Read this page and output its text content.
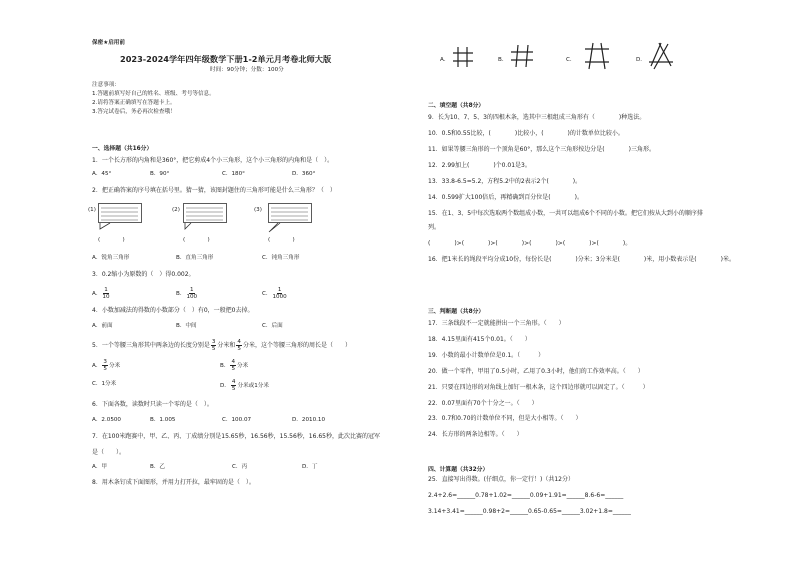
保密★启用前
2023-2024学年四年级数学下册1-2单元月考卷北师大版
时间：90分钟；分数：100分
注意事项：
1.答题前填写好自己的姓名、班级、考号等信息。
2.请将答案正确填写在答题卡上。
3.答完试卷后，务必再次检查哦！
一、选择题（共16分）
1．一个长方形的内角和是360°，把它剪成4个小三角形，这个小三角形的内角和是（　）。
A．45°	B．90°	C．180°	D．360°
2．把正确答案的序号填在括号里。猜一猜，该图封题住的三角形可能是什么三角形？（　）
(1)	(2)	(3)
(　　　　)	(　　　　)	(　　　　)
A．锐角三角形	B．直角三角形	C．钝角三角形
3．0.2缩小为原数的（　）得0.002。
A． $\frac{1}{10}$	B． $\frac{1}{100}$	C． $\frac{1}{1000}$
4．小数加减法的得数的小数部分（　）有0，一般把0去掉。
A．前面	B．中间	C．后面
5．一个等腰三角形其中两条边的长度分别是 $\frac{3}{5}$ 分米和 $\frac{4}{5}$ 分米，这个等腰三角形的周长是（　　）
A． $\frac{3}{5}$ 分米	B． $\frac{4}{5}$ 分米
C．1分米	D． $\frac{4}{5}$ 分米或1分米
6．下面各数，读数时只读一个零的是（　）。
A．2.0500	B．1.005	C．100.07	D．2010.10
7．在100米跑赛中，甲、乙、丙、丁成绩分别是15.65秒，16.56秒，15.56秒，16.65秒，此次比赛的冠军
是（　　）。
A．甲	B．乙	C．丙	D．丁
8．用木条钉成下面图形，并用力打开拉，最牢固的是（　）。
A．	B．	C．	D．
二、填空题（共8分）
9．长为10、7、5、3的四根木条，选其中三根组成三角形有（　　　　)种选法。
10．0.5和0.55比较，(　　　　)比较小，(　　　　)的计数单位比较小。
11．如果等腰三角形的一个顶角是60°，那么这个三角形按边分是(　　　　)三角形。
12．2.99加上(　　　　)个0.01是3。
13．33.8-6.5=5.2，方程5.2中的2表示2个(　　　　)。
14．0.599扩大100倍后，再精确到百分位是(　　　　)。
15．在1、3、5中每次选取两个数组成小数，一共可以组成6个不同的小数。把它们按从大到小的顺序排
列。
(　　　　)>(　　　　)>(　　　　)>(　　　　)>(　　　　)>(　　　　)。
16．把1米长的绳段平均分成10份，每份长是(　　　　)分米；3分米是(　　　　)米，用小数表示是(　　　　)米。
三、判断题（共8分）
17．三条线段不一定就能拼出一个三角形。（　　）
18．4.15里面有415个0.01。（　　）
19．小数的最小计数单位是0.1。（　　　）
20．做一个零件，甲用了0.5小时，乙用了0.3小时，他们的工作效率高。（　　）
21．只要在四边形的对角线上加钉一根木条，这个四边形就可以固定了。（　　　）
22．0.07里面有70个十分之一。（　　）
23．0.7和0.70的计数单位不同，但是大小相等。（　　）
24．长方形的两条边相等。（　　）
四、计算题（共32分）
25．直接写出得数。(仔细点，你一定行！)（共12分）
2.4+2.6=______0.78+1.02=______0.09+1.91=______8.6-6=______
3.14+3.41=______0.98+2=______0.65-0.65=______3.02+1.8=______
